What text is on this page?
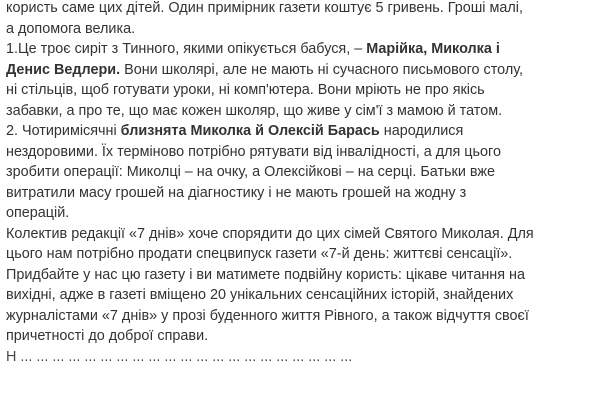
користь саме цих дітей. Один примірник газети коштує 5 гривень. Гроші малі,
а допомога велика.
1.Це троє сиріт з Тинного, якими опікується бабуся, – Марійка, Миколка і
Денис Ведлери. Вони школярі, але не мають ні сучасного письмового столу,
ні стільців, щоб готувати уроки, ні комп'ютера. Вони мріють не про якісь
забавки, а про те, що має кожен школяр, що живе у сім'ї з мамою й татом.
2. Чотиримісячні близнята Миколка й Олексій Барась народилися
нездоровими. Їх терміново потрібно рятувати від інвалідності, а для цього
зробити операції: Миколці – на очку, а Олексійкові – на серці. Батьки вже
витратили масу грошей на діагностику і не мають грошей на жодну з
операцій.
Колектив редакції «7 днів» хоче спорядити до цих сімей Святого Миколая. Для
цього нам потрібно продати спецвипуск газети «7-й день: життєві сенсації».
Придбайте у нас цю газету і ви матимете подвійну користь: цікаве читання на
вихідні, адже в газеті вміщено 20 унікальних сенсаційних історій, знайдених
журналістами «7 днів» у прозі буденного життя Рівного, а також відчуття своєї
причетності до доброї справи.
Н ... ... ... ... ... ... ... ... ... ... ... ... ... ... ... ... ... ... ... ... ...
